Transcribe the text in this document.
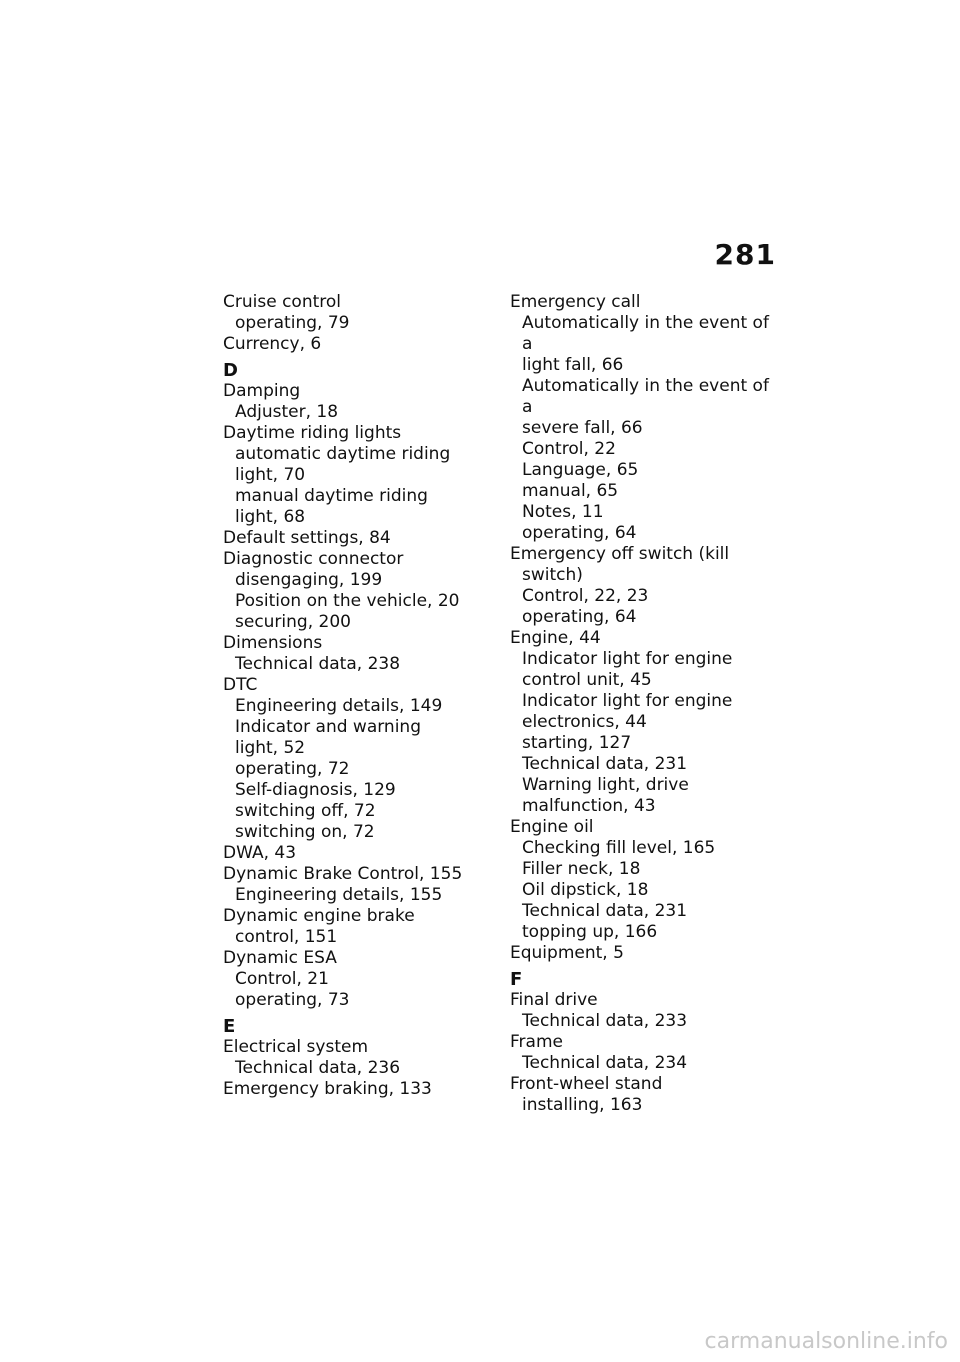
281
Cruise control
operating, 79
Currency, 6
D
Damping
Adjuster, 18
Daytime riding lights
automatic daytime riding
light, 70
manual daytime riding
light, 68
Default settings, 84
Diagnostic connector
disengaging, 199
Position on the vehicle, 20
securing, 200
Dimensions
Technical data, 238
DTC
Engineering details, 149
Indicator and warning
light, 52
operating, 72
Self-diagnosis, 129
switching off, 72
switching on, 72
DWA, 43
Dynamic Brake Control, 155
Engineering details, 155
Dynamic engine brake
control, 151
Dynamic ESA
Control, 21
operating, 73
E
Electrical system
Technical data, 236
Emergency braking, 133
Emergency call
Automatically in the event of a
light fall, 66
Automatically in the event of a
severe fall, 66
Control, 22
Language, 65
manual, 65
Notes, 11
operating, 64
Emergency off switch (kill
switch)
Control, 22, 23
operating, 64
Engine, 44
Indicator light for engine
control unit, 45
Indicator light for engine
electronics, 44
starting, 127
Technical data, 231
Warning light, drive
malfunction, 43
Engine oil
Checking fill level, 165
Filler neck, 18
Oil dipstick, 18
Technical data, 231
topping up, 166
Equipment, 5
F
Final drive
Technical data, 233
Frame
Technical data, 234
Front-wheel stand
installing, 163
carmanualsonline.info
